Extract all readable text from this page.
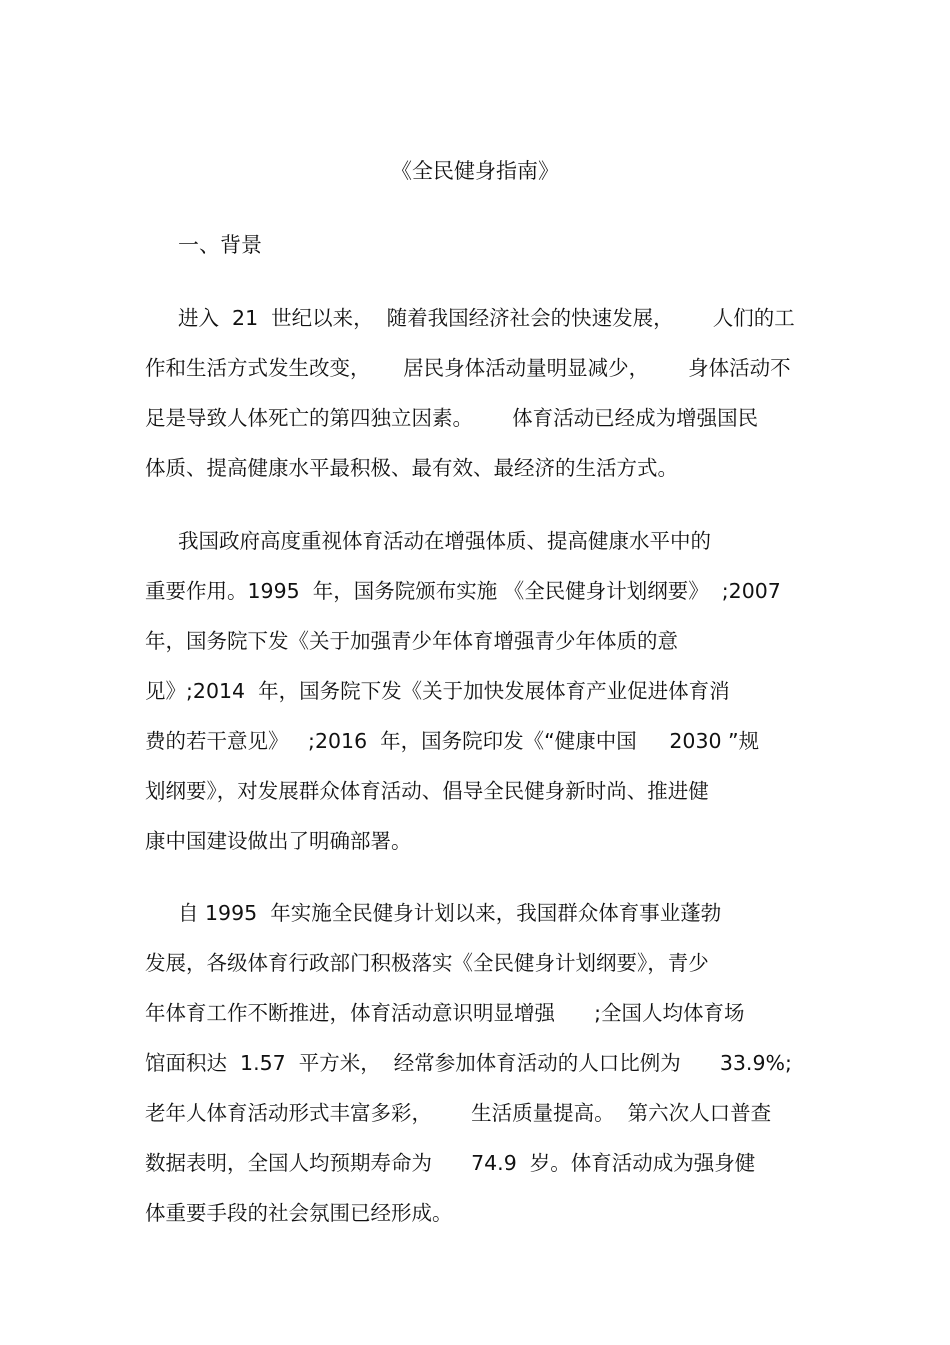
《全民健身指南》
一、背景
进入  21  世纪以来，  随着我国经济社会的快速发展，      人们的工
作和生活方式发生改变，     居民身体活动量明显减少，      身体活动不
足是导致人体死亡的第四独立因素。      体育活动已经成为增强国民
体质、提高健康水平最积极、最有效、最经济的生活方式。
我国政府高度重视体育活动在增强体质、提高健康水平中的
重要作用。1995  年，国务院颁布实施 《全民健身计划纲要》  ;2007
年，国务院下发《关于加强青少年体育增强青少年体质的意
见》;2014  年，国务院下发《关于加快发展体育产业促进体育消
费的若干意见》   ;2016  年，国务院印发《“健康中国     2030 ”规
划纲要》，对发展群众体育活动、倡导全民健身新时尚、推进健
康中国建设做出了明确部署。
自 1995  年实施全民健身计划以来，我国群众体育事业蓬勃
发展，各级体育行政部门积极落实《全民健身计划纲要》，青少
年体育工作不断推进，体育活动意识明显增强      ;全国人均体育场
馆面积达  1.57  平方米，  经常参加体育活动的人口比例为      33.9%;
老年人体育活动形式丰富多彩，      生活质量提高。  第六次人口普查
数据表明，全国人均预期寿命为      74.9  岁。体育活动成为强身健
体重要手段的社会氛围已经形成。
